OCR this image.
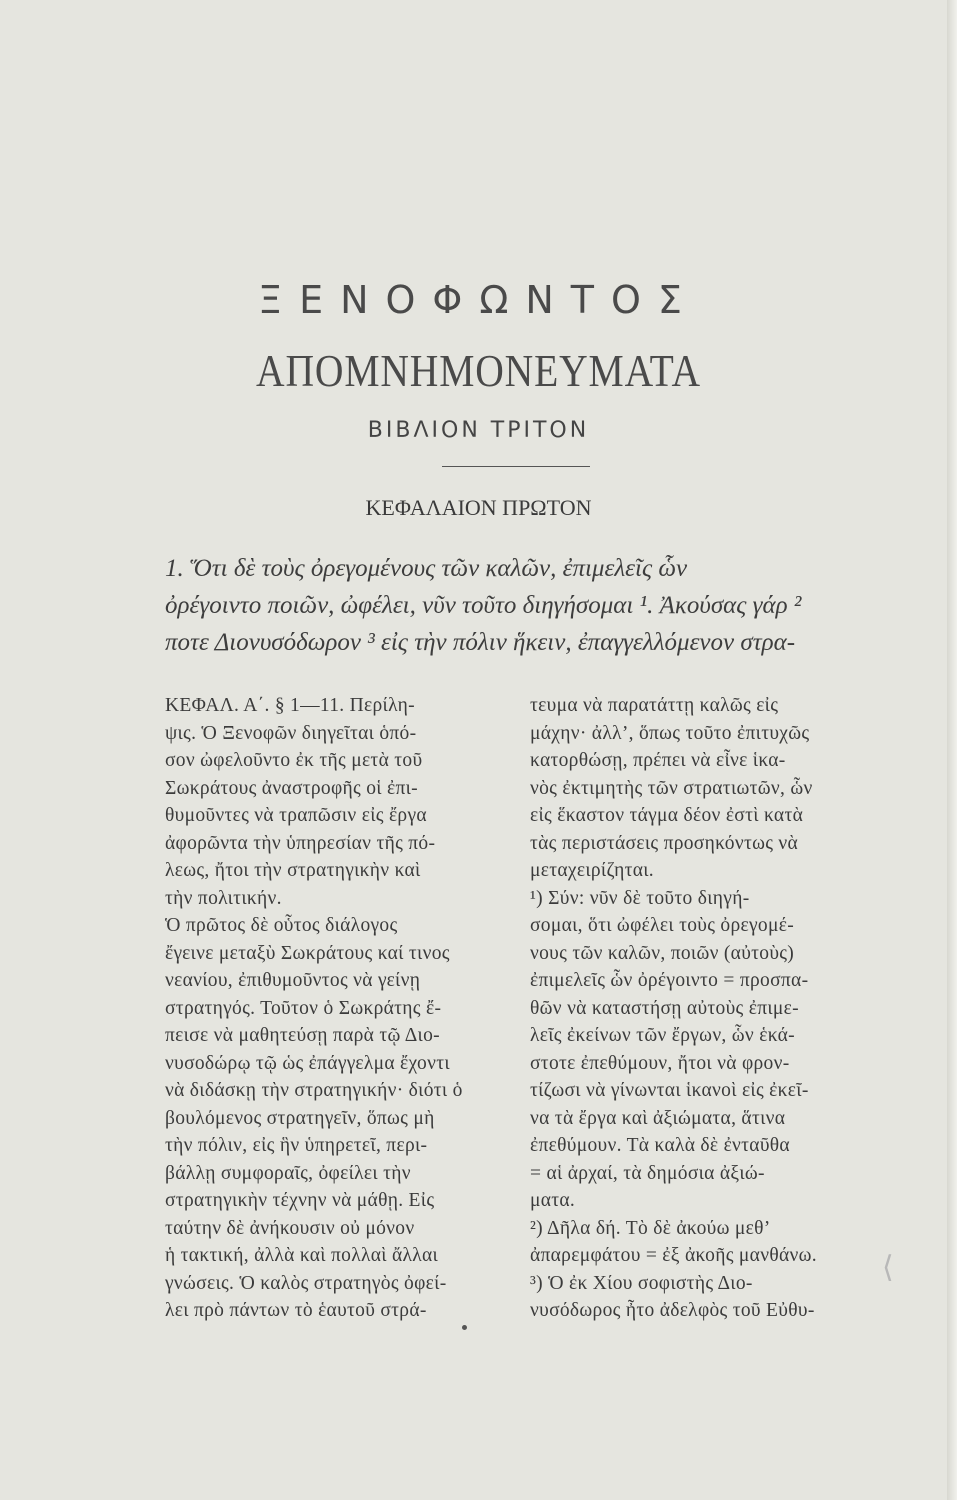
ΞΕΝΟΦΩΝΤΟΣ
ΑΠΟΜΝΗΜΟΝΕΥΜΑΤΑ
ΒΙΒΛΙΟΝ ΤΡΙΤΟΝ
ΚΕΦΑΛΑΙΟΝ ΠΡΩΤΟΝ
1. Ὅτι δὲ τοὺς ὀρεγομένους τῶν καλῶν, ἐπιμελεῖς ὧν
ὀρέγοιντο ποιῶν, ὠφέλει, νῦν τοῦτο διηγήσομαι ¹. Ἀκούσας γάρ ²
ποτε Διονυσόδωρον ³ εἰς τὴν πόλιν ἥκειν, ἐπαγγελλόμενον στρα-
ΚΕΦΑΛ. Α΄. § 1—11. Περίλη-
ψις. Ὁ Ξενοφῶν διηγεῖται ὁπό-
σον ὠφελοῦντο ἐκ τῆς μετὰ τοῦ
Σωκράτους ἀναστροφῆς οἱ ἐπι-
θυμοῦντες νὰ τραπῶσιν εἰς ἔργα
ἀφορῶντα τὴν ὑπηρεσίαν τῆς πό-
λεως, ἤτοι τὴν στρατηγικὴν καὶ
τὴν πολιτικήν.
Ὁ πρῶτος δὲ οὗτος διάλογος
ἔγεινε μεταξὺ Σωκράτους καί τινος
νεανίου, ἐπιθυμοῦντος νὰ γείνῃ
στρατηγός. Τοῦτον ὁ Σωκράτης ἔ-
πεισε νὰ μαθητεύσῃ παρὰ τῷ Διο-
νυσοδώρῳ τῷ ὡς ἐπάγγελμα ἔχοντι
νὰ διδάσκῃ τὴν στρατηγικήν· διότι ὁ
βουλόμενος στρατηγεῖν, ὅπως μὴ
τὴν πόλιν, εἰς ἣν ὑπηρετεῖ, περι-
βάλλῃ συμφοραῖς, ὀφείλει τὴν
στρατηγικὴν τέχνην νὰ μάθῃ. Εἰς
ταύτην δὲ ἀνήκουσιν οὐ μόνον
ἡ τακτική, ἀλλὰ καὶ πολλαὶ ἄλλαι
γνώσεις. Ὁ καλὸς στρατηγὸς ὀφεί-
λει πρὸ πάντων τὸ ἑαυτοῦ στρά-
τευμα νὰ παρατάττῃ καλῶς εἰς
μάχην· ἀλλ’, ὅπως τοῦτο ἐπιτυχῶς
κατορθώσῃ, πρέπει νὰ εἶνε ἱκα-
νὸς ἐκτιμητὴς τῶν στρατιωτῶν, ὧν
εἰς ἕκαστον τάγμα δέον ἐστὶ κατὰ
τὰς περιστάσεις προσηκόντως νὰ
μεταχειρίζηται.
¹) Σύν: νῦν δὲ τοῦτο διηγή-
σομαι, ὅτι ὠφέλει τοὺς ὀρεγομέ-
νους τῶν καλῶν, ποιῶν (αὐτοὺς)
ἐπιμελεῖς ὧν ὀρέγοιντο = προσπα-
θῶν νὰ καταστήσῃ αὐτοὺς ἐπιμε-
λεῖς ἐκείνων τῶν ἔργων, ὧν ἑκά-
στοτε ἐπεθύμουν, ἤτοι νὰ φρον-
τίζωσι νὰ γίνωνται ἱκανοὶ εἰς ἐκεῖ-
να τὰ ἔργα καὶ ἀξιώματα, ἅτινα
ἐπεθύμουν. Τὰ καλὰ δὲ ἐνταῦθα
= αἱ ἀρχαί, τὰ δημόσια ἀξιώ-
ματα.
²) Δῆλα δή. Τὸ δὲ ἀκούω μεθ’
ἀπαρεμφάτου = ἐξ ἀκοῆς μανθάνω.
³) Ὁ ἐκ Χίου σοφιστὴς Διο-
νυσόδωρος ἦτο ἀδελφὸς τοῦ Εὐθυ-
⟨
